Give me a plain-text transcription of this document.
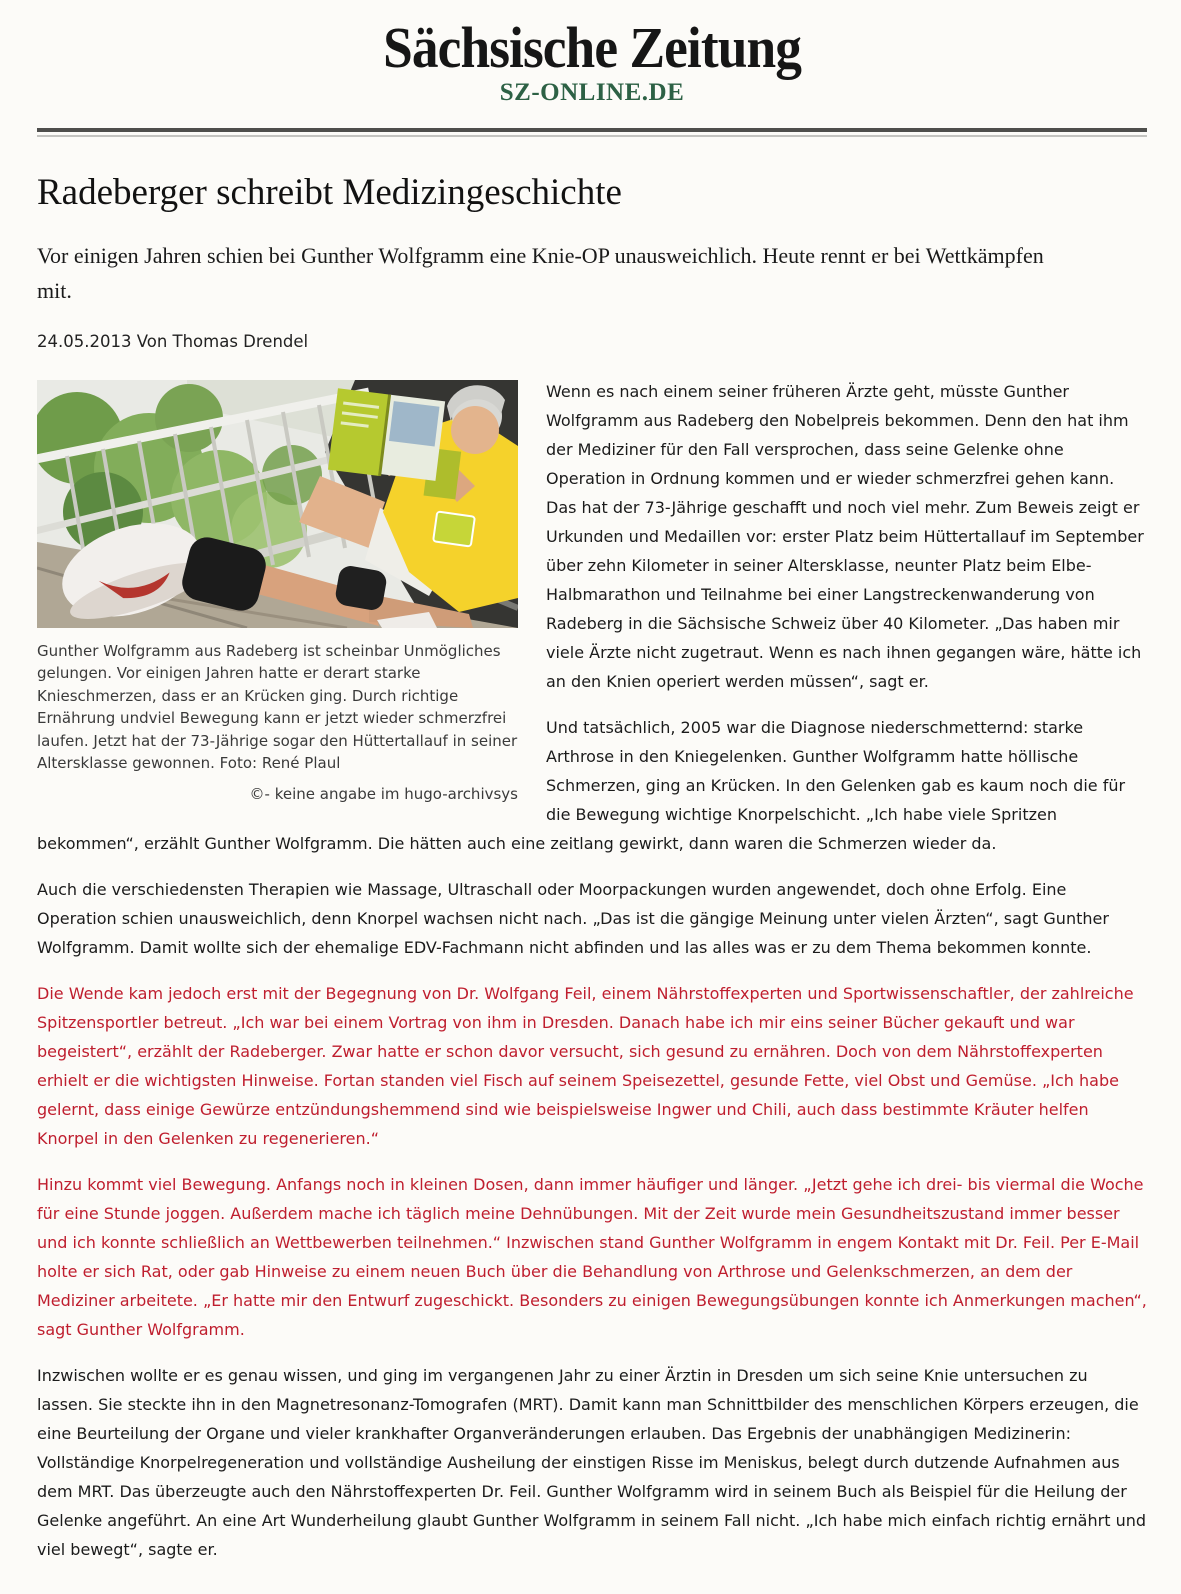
Sächsische Zeitung
SZ-ONLINE.DE
Radeberger schreibt Medizingeschichte

Vor einigen Jahren schien bei Gunther Wolfgramm eine Knie-OP unausweichlich. Heute rennt er bei Wettkämpfen mit.

24.05.2013 Von Thomas Drendel
Gunther Wolfgramm aus Radeberg ist scheinbar Unmögliches gelungen. Vor einigen Jahren hatte er derart starke Knieschmerzen, dass er an Krücken ging. Durch richtige Ernährung undviel Bewegung kann er jetzt wieder schmerzfrei laufen. Jetzt hat der 73-Jährige sogar den Hüttertallauf in seiner Altersklasse gewonnen. Foto: René Plaul
©- keine angabe im hugo-archivsys

Wenn es nach einem seiner früheren Ärzte geht, müsste Gunther Wolfgramm aus Radeberg den Nobelpreis bekommen. Denn den hat ihm der Mediziner für den Fall versprochen, dass seine Gelenke ohne Operation in Ordnung kommen und er wieder schmerzfrei gehen kann. Das hat der 73-Jährige geschafft und noch viel mehr. Zum Beweis zeigt er Urkunden und Medaillen vor: erster Platz beim Hüttertallauf im September über zehn Kilometer in seiner Altersklasse, neunter Platz beim Elbe-Halbmarathon und Teilnahme bei einer Langstreckenwanderung von Radeberg in die Sächsische Schweiz über 40 Kilometer. „Das haben mir viele Ärzte nicht zugetraut. Wenn es nach ihnen gegangen wäre, hätte ich an den Knien operiert werden müssen“, sagt er.

Und tatsächlich, 2005 war die Diagnose niederschmetternd: starke Arthrose in den Kniegelenken. Gunther Wolfgramm hatte höllische Schmerzen, ging an Krücken. In den Gelenken gab es kaum noch die für die Bewegung wichtige Knorpelschicht. „Ich habe viele Spritzen bekommen“, erzählt Gunther Wolfgramm. Die hätten auch eine zeitlang gewirkt, dann waren die Schmerzen wieder da.

Auch die verschiedensten Therapien wie Massage, Ultraschall oder Moorpackungen wurden angewendet, doch ohne Erfolg. Eine Operation schien unausweichlich, denn Knorpel wachsen nicht nach. „Das ist die gängige Meinung unter vielen Ärzten“, sagt Gunther Wolfgramm. Damit wollte sich der ehemalige EDV-Fachmann nicht abfinden und las alles was er zu dem Thema bekommen konnte.

Die Wende kam jedoch erst mit der Begegnung von Dr. Wolfgang Feil, einem Nährstoffexperten und Sportwissenschaftler, der zahlreiche Spitzensportler betreut. „Ich war bei einem Vortrag von ihm in Dresden. Danach habe ich mir eins seiner Bücher gekauft und war begeistert“, erzählt der Radeberger. Zwar hatte er schon davor versucht, sich gesund zu ernähren. Doch von dem Nährstoffexperten erhielt er die wichtigsten Hinweise. Fortan standen viel Fisch auf seinem Speisezettel, gesunde Fette, viel Obst und Gemüse. „Ich habe gelernt, dass einige Gewürze entzündungshemmend sind wie beispielsweise Ingwer und Chili, auch dass bestimmte Kräuter helfen Knorpel in den Gelenken zu regenerieren.“

Hinzu kommt viel Bewegung. Anfangs noch in kleinen Dosen, dann immer häufiger und länger. „Jetzt gehe ich drei- bis viermal die Woche für eine Stunde joggen. Außerdem mache ich täglich meine Dehnübungen. Mit der Zeit wurde mein Gesundheitszustand immer besser und ich konnte schließlich an Wettbewerben teilnehmen.“ Inzwischen stand Gunther Wolfgramm in engem Kontakt mit Dr. Feil. Per E-Mail holte er sich Rat, oder gab Hinweise zu einem neuen Buch über die Behandlung von Arthrose und Gelenkschmerzen, an dem der Mediziner arbeitete. „Er hatte mir den Entwurf zugeschickt. Besonders zu einigen Bewegungsübungen konnte ich Anmerkungen machen“, sagt Gunther Wolfgramm.

Inzwischen wollte er es genau wissen, und ging im vergangenen Jahr zu einer Ärztin in Dresden um sich seine Knie untersuchen zu lassen. Sie steckte ihn in den Magnetresonanz-Tomografen (MRT). Damit kann man Schnittbilder des menschlichen Körpers erzeugen, die eine Beurteilung der Organe und vieler krankhafter Organveränderungen erlauben. Das Ergebnis der unabhängigen Medizinerin: Vollständige Knorpelregeneration und vollständige Ausheilung der einstigen Risse im Meniskus, belegt durch dutzende Aufnahmen aus dem MRT. Das überzeugte auch den Nährstoffexperten Dr. Feil. Gunther Wolfgramm wird in seinem Buch als Beispiel für die Heilung der Gelenke angeführt. An eine Art Wunderheilung glaubt Gunther Wolfgramm in seinem Fall nicht. „Ich habe mich einfach richtig ernährt und viel bewegt“, sagte er.
